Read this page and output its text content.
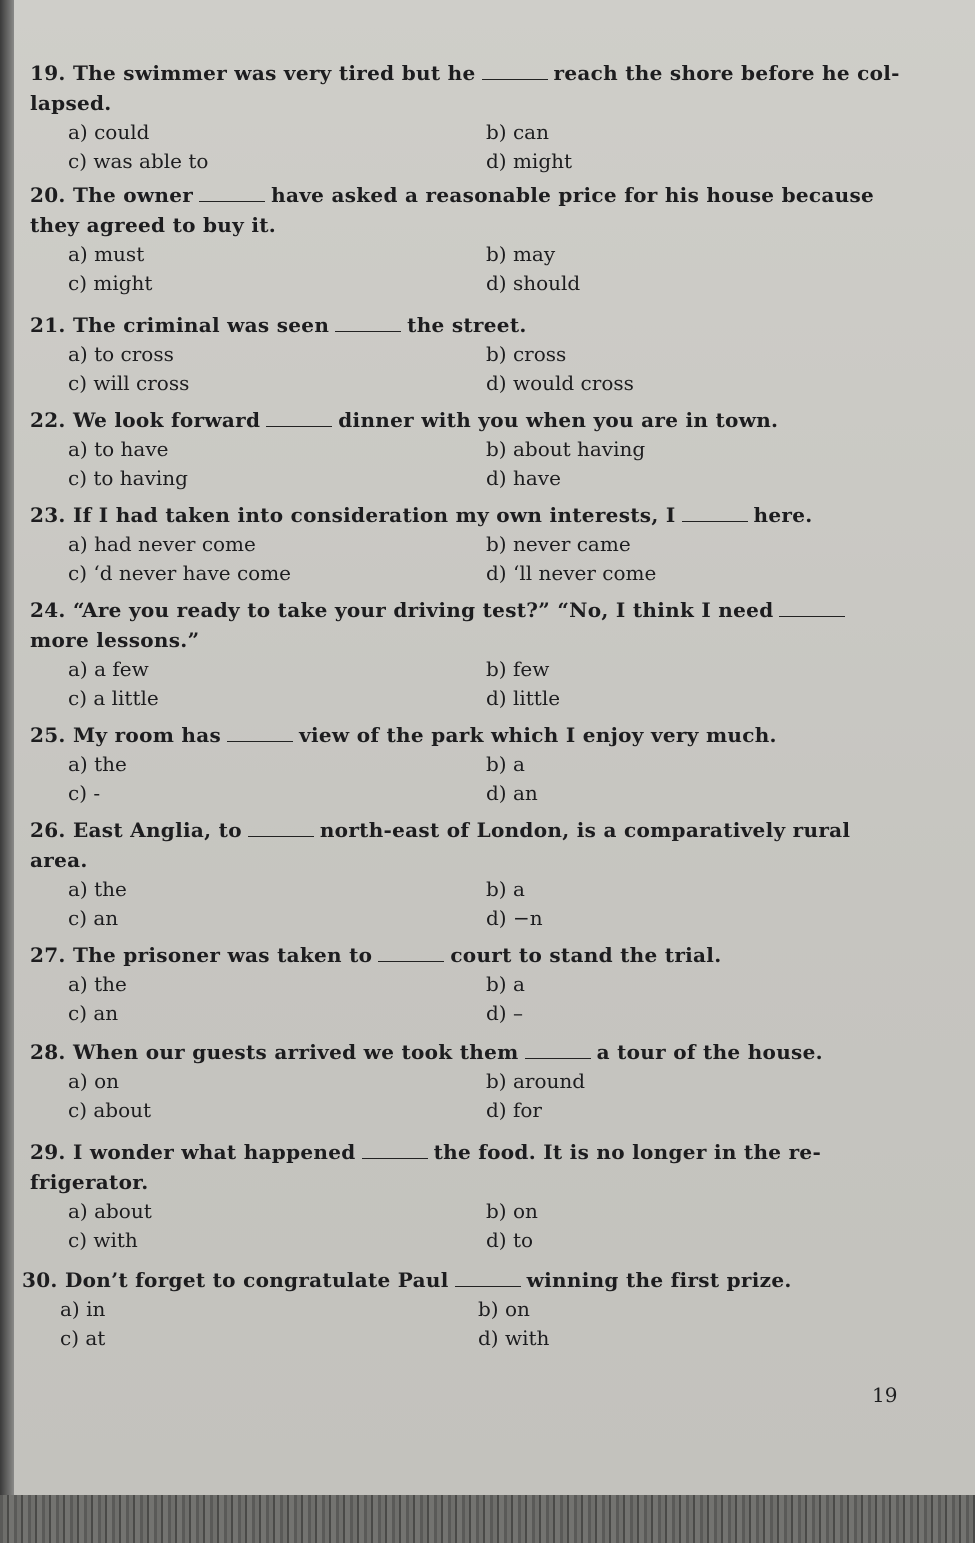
19. The swimmer was very tired but he	reach the shore before he col-lapsed.
a) could	b) can
c) was able to	d) might
20. The owner	have asked a reasonable price for his house because they agreed to buy it.
a) must	b) may
c) might	d) should
21. The criminal was seen	the street.
a) to cross	b) cross
c) will cross	d) would cross
22. We look forward	dinner with you when you are in town.
a) to have	b) about having
c) to having	d) have
23. If I had taken into consideration my own interests, I	here.
a) had never come	b) never came
c) ‘d never have come	d) ‘ll never come
24. “Are you ready to take your driving test?” “No, I think I needmore lessons.”
a) a few	b) few
c) a little	d) little
25. My room has	view of the park which I enjoy very much.
a) the	b) a
c) -	d) an
26. East Anglia, to	north-east of London, is a comparatively rural area.
a) the	b) a
c) an	d) −n
27. The prisoner was taken to	court to stand the trial.
a) the	b) a
c) an	d) –
28. When our guests arrived we took them	a tour of the house.
a) on	b) around
c) about	d) for
29. I wonder what happened	the food. It is no longer in the re-frigerator.
a) about	b) on
c) with	d) to
30. Don’t forget to congratulate Paul	winning the first prize.
a) in	b) on
c) at	d) with
19
